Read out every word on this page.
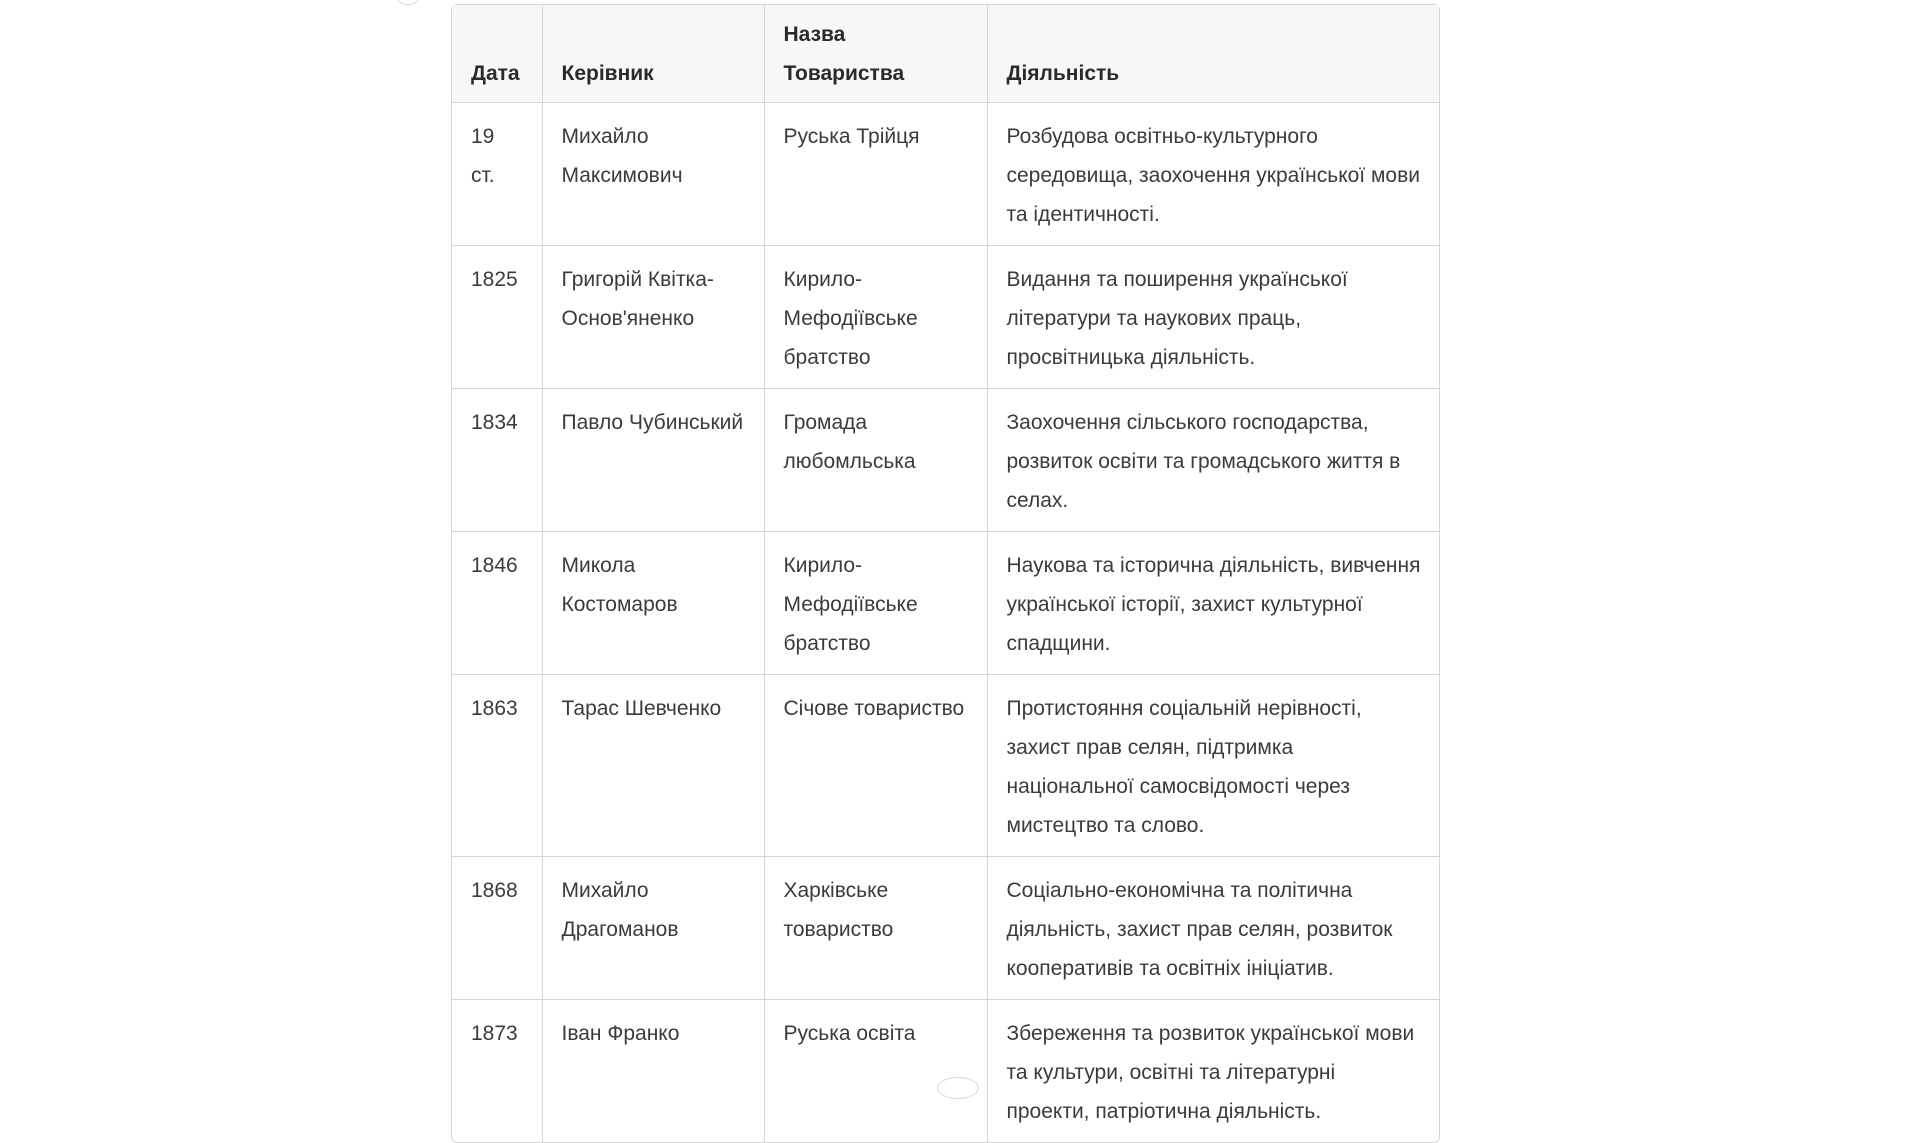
Дата	Керівник	Назва Товариства	Діяльність
19 ст.	Михайло Максимович	Руська Трійця	Розбудова освітньо-культурного середовища, заохочення української мови та ідентичності.
1825	Григорій Квітка-Основ'яненко	Кирило-Мефодіївське братство	Видання та поширення української літератури та наукових праць, просвітницька діяльність.
1834	Павло Чубинський	Громада любомльська	Заохочення сільського господарства, розвиток освіти та громадського життя в селах.
1846	Микола Костомаров	Кирило-Мефодіївське братство	Наукова та історична діяльність, вивчення української історії, захист культурної спадщини.
1863	Тарас Шевченко	Січове товариство	Протистояння соціальній нерівності, захист прав селян, підтримка національної самосвідомості через мистецтво та слово.
1868	Михайло Драгоманов	Харківське товариство	Соціально-економічна та політична діяльність, захист прав селян, розвиток кооперативів та освітніх ініціатив.
1873	Іван Франко	Руська освіта	Збереження та розвиток української мови та культури, освітні та літературні проекти, патріотична діяльність.
